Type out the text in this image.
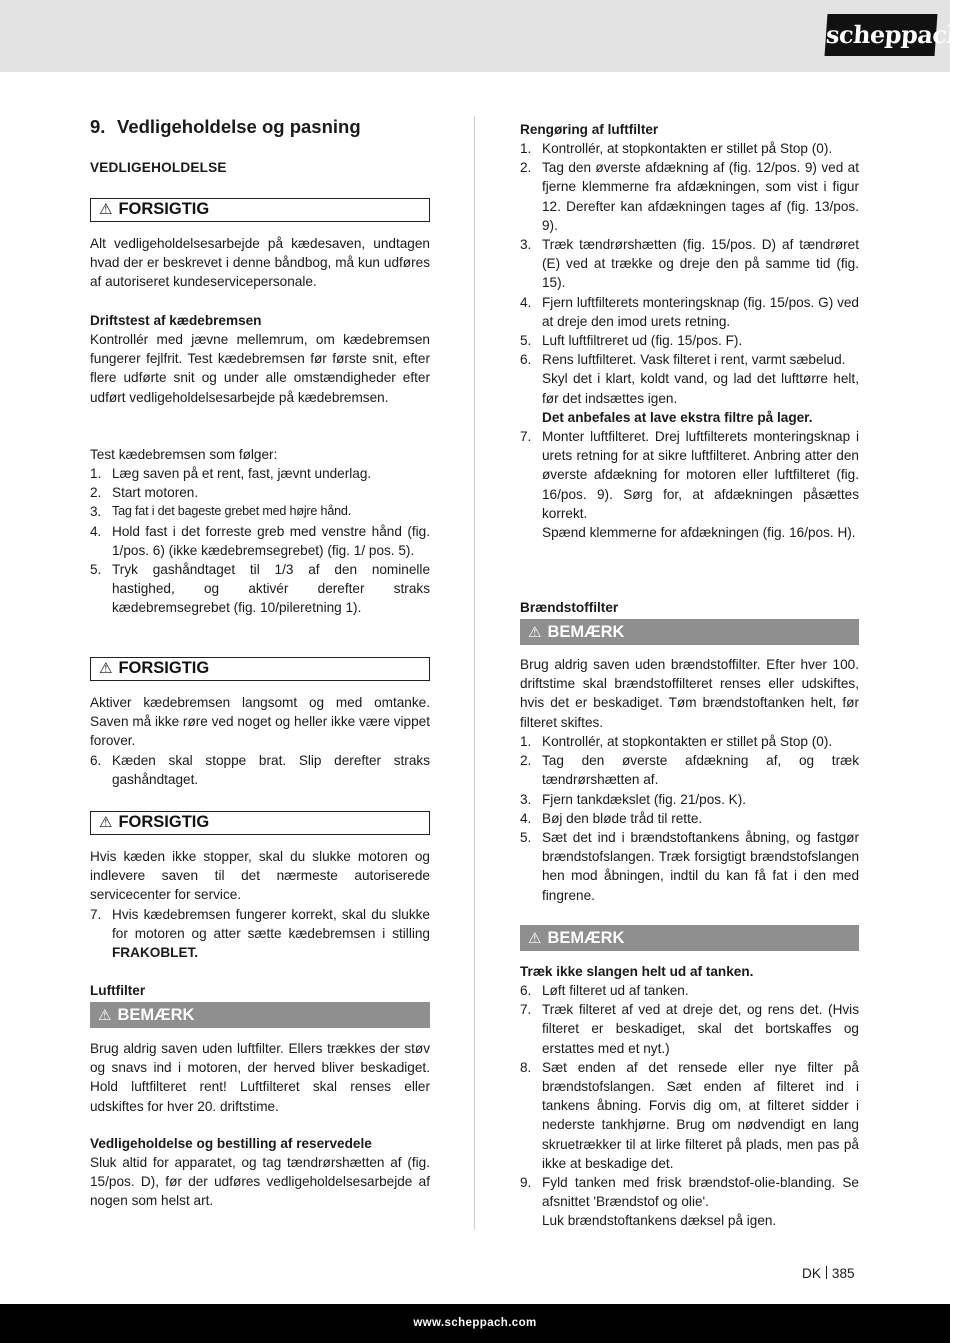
scheppach
9. Vedligeholdelse og pasning
VEDLIGEHOLDELSE
⚠ FORSIGTIG

Alt vedligeholdelsesarbejde på kædesaven, undtagen hvad der er beskrevet i denne båndbog, må kun udføres af autoriseret kundeservicepersonale.

Driftstest af kædebremsen

Kontrollér med jævne mellemrum, om kædebremsen fungerer fejlfrit. Test kædebremsen før første snit, efter flere udførte snit og under alle omstændigheder efter udført vedligeholdelsesarbejde på kædebremsen.

Test kædebremsen som følger:
1. Læg saven på et rent, fast, jævnt underlag.
2. Start motoren.
3. Tag fat i det bageste grebet med højre hånd.
4. Hold fast i det forreste greb med venstre hånd (fig. 1/pos. 6) (ikke kædebremsegrebet) (fig. 1/ pos. 5).
5. Tryk gashåndtaget til 1/3 af den nominelle hastighed, og aktivér derefter straks kædebremsegrebet (fig. 10/pileretning 1).
⚠ FORSIGTIG

Aktiver kædebremsen langsomt og med omtanke. Saven må ikke røre ved noget og heller ikke være vippet forover.

6. Kæden skal stoppe brat. Slip derefter straks gashåndtaget.
⚠ FORSIGTIG

Hvis kæden ikke stopper, skal du slukke motoren og indlevere saven til det nærmeste autoriserede servicecenter for service.

7. Hvis kædebremsen fungerer korrekt, skal du slukke for motoren og atter sætte kædebremsen i stilling FRAKOBLET.
Luftfilter
⚠ BEMÆRK

Brug aldrig saven uden luftfilter. Ellers trækkes der støv og snavs ind i motoren, der herved bliver beskadiget. Hold luftfilteret rent! Luftfilteret skal renses eller udskiftes for hver 20. driftstime.

Vedligeholdelse og bestilling af reservedele

Sluk altid for apparatet, og tag tændrørshætten af (fig. 15/pos. D), før der udføres vedligeholdelsesarbejde af nogen som helst art.

Rengøring af luftfilter
1. Kontrollér, at stopkontakten er stillet på Stop (0).
2. Tag den øverste afdækning af (fig. 12/pos. 9) ved at fjerne klemmerne fra afdækningen, som vist i figur 12. Derefter kan afdækningen tages af (fig. 13/pos. 9).
3. Træk tændrørshætten (fig. 15/pos. D) af tændrøret (E) ved at trække og dreje den på samme tid (fig. 15).
4. Fjern luftfilterets monteringsknap (fig. 15/pos. G) ved at dreje den imod urets retning.
5. Luft luftfiltreret ud (fig. 15/pos. F).
6. Rens luftfilteret. Vask filteret i rent, varmt sæbelud.
Skyl det i klart, koldt vand, og lad det lufttørre helt, før det indsættes igen.
Det anbefales at lave ekstra filtre på lager.
7. Monter luftfilteret. Drej luftfilterets monteringsknap i urets retning for at sikre luftfilteret. Anbring atter den øverste afdækning for motoren eller luftfilteret (fig. 16/pos. 9). Sørg for, at afdækningen påsættes korrekt.
Spænd klemmerne for afdækningen (fig. 16/pos. H).
Brændstoffilter
⚠ BEMÆRK

Brug aldrig saven uden brændstoffilter. Efter hver 100. driftstime skal brændstoffilteret renses eller udskiftes, hvis det er beskadiget. Tøm brændstoftanken helt, før filteret skiftes.

1. Kontrollér, at stopkontakten er stillet på Stop (0).
2. Tag den øverste afdækning af, og træk tændrørshætten af.
3. Fjern tankdækslet (fig. 21/pos. K).
4. Bøj den bløde tråd til rette.
5. Sæt det ind i brændstoftankens åbning, og fastgør brændstofslangen. Træk forsigtigt brændstofslangen hen mod åbningen, indtil du kan få fat i den med fingrene.
⚠ BEMÆRK
Træk ikke slangen helt ud af tanken.
6. Løft filteret ud af tanken.
7. Træk filteret af ved at dreje det, og rens det. (Hvis filteret er beskadiget, skal det bortskaffes og erstattes med et nyt.)
8. Sæt enden af det rensede eller nye filter på brændstofslangen. Sæt enden af filteret ind i tankens åbning. Forvis dig om, at filteret sidder i nederste tankhjørne. Brug om nødvendigt en lang skruetrækker til at lirke filteret på plads, men pas på ikke at beskadige det.
9. Fyld tanken med frisk brændstof-olie-blanding. Se afsnittet 'Brændstof og olie'.
Luk brændstoftankens dæksel på igen.
DK 385
www.scheppach.com
